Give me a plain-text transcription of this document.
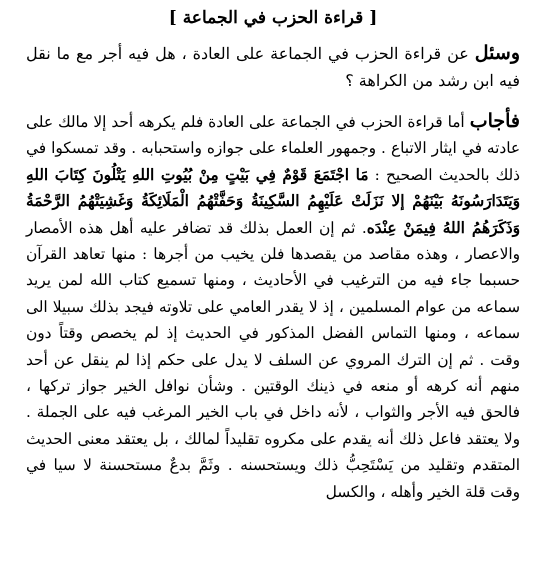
[ قراءة الحزب في الجماعة ]

وسئل عن قراءة الحزب في الجماعة على العادة ، هل فيه أجر مع ما نقل فيه ابن رشد من الكراهة ؟

فأجاب أما قراءة الحزب في الجماعة على العادة فلم يكرهه أحد إلا مالك على عادته في ايثار الاتباع . وجمهور العلماء على جوازه واستحبابه . وقد تمسكوا في ذلك بالحديث الصحيح : مَا اجْتَمَعَ قَوْمٌ فِي بَيْتٍ مِنْ بُيُوتِ اللهِ يَتْلُونَ كِتَابَ اللهِ وَيَتَدَارَسُونَهُ بَيْنَهُمْ إلا نَزَلَتْ عَلَيْهِمُ السَّكِينَةُ وَحَفَّتْهُمُ الْمَلَائِكَةُ وَغَشِيَتْهُمُ الرَّحْمَةُ وَذَكَرَهُمُ اللهُ فِيمَنْ عِنْدَه. ثم إن العمل بذلك قد تضافر عليه أهل هذه الأمصار والاعصار ، وهذه مقاصد من يقصدها فلن يخيب من أجرها : منها تعاهد القرآن حسبما جاء فيه من الترغيب في الأحاديث ، ومنها تسميع كتاب الله لمن يريد سماعه من عوام المسلمين ، إذ لا يقدر العامي على تلاوته فيجد بذلك سبيلا الى سماعه ، ومنها التماس الفضل المذكور في الحديث إذ لم يخصص وقتاً دون وقت . ثم إن الترك المروي عن السلف لا يدل على حكم إذا لم ينقل عن أحد منهم أنه كرهه أو منعه في ذينك الوقتين . وشأن نوافل الخير جواز تركها ، فالحق فيه الأجر والثواب ، لأنه داخل في باب الخير المرغب فيه على الجملة . ولا يعتقد فاعل ذلك أنه يقدم على مكروه تقليداً لمالك ، بل يعتقد معنى الحديث المتقدم وتقليد من يَسْتَحِبُّ ذلك ويستحسنه . وثَمَّ بدعٌ مستحسنة لا سيا في وقت قلة الخير وأهله ، والكسل
